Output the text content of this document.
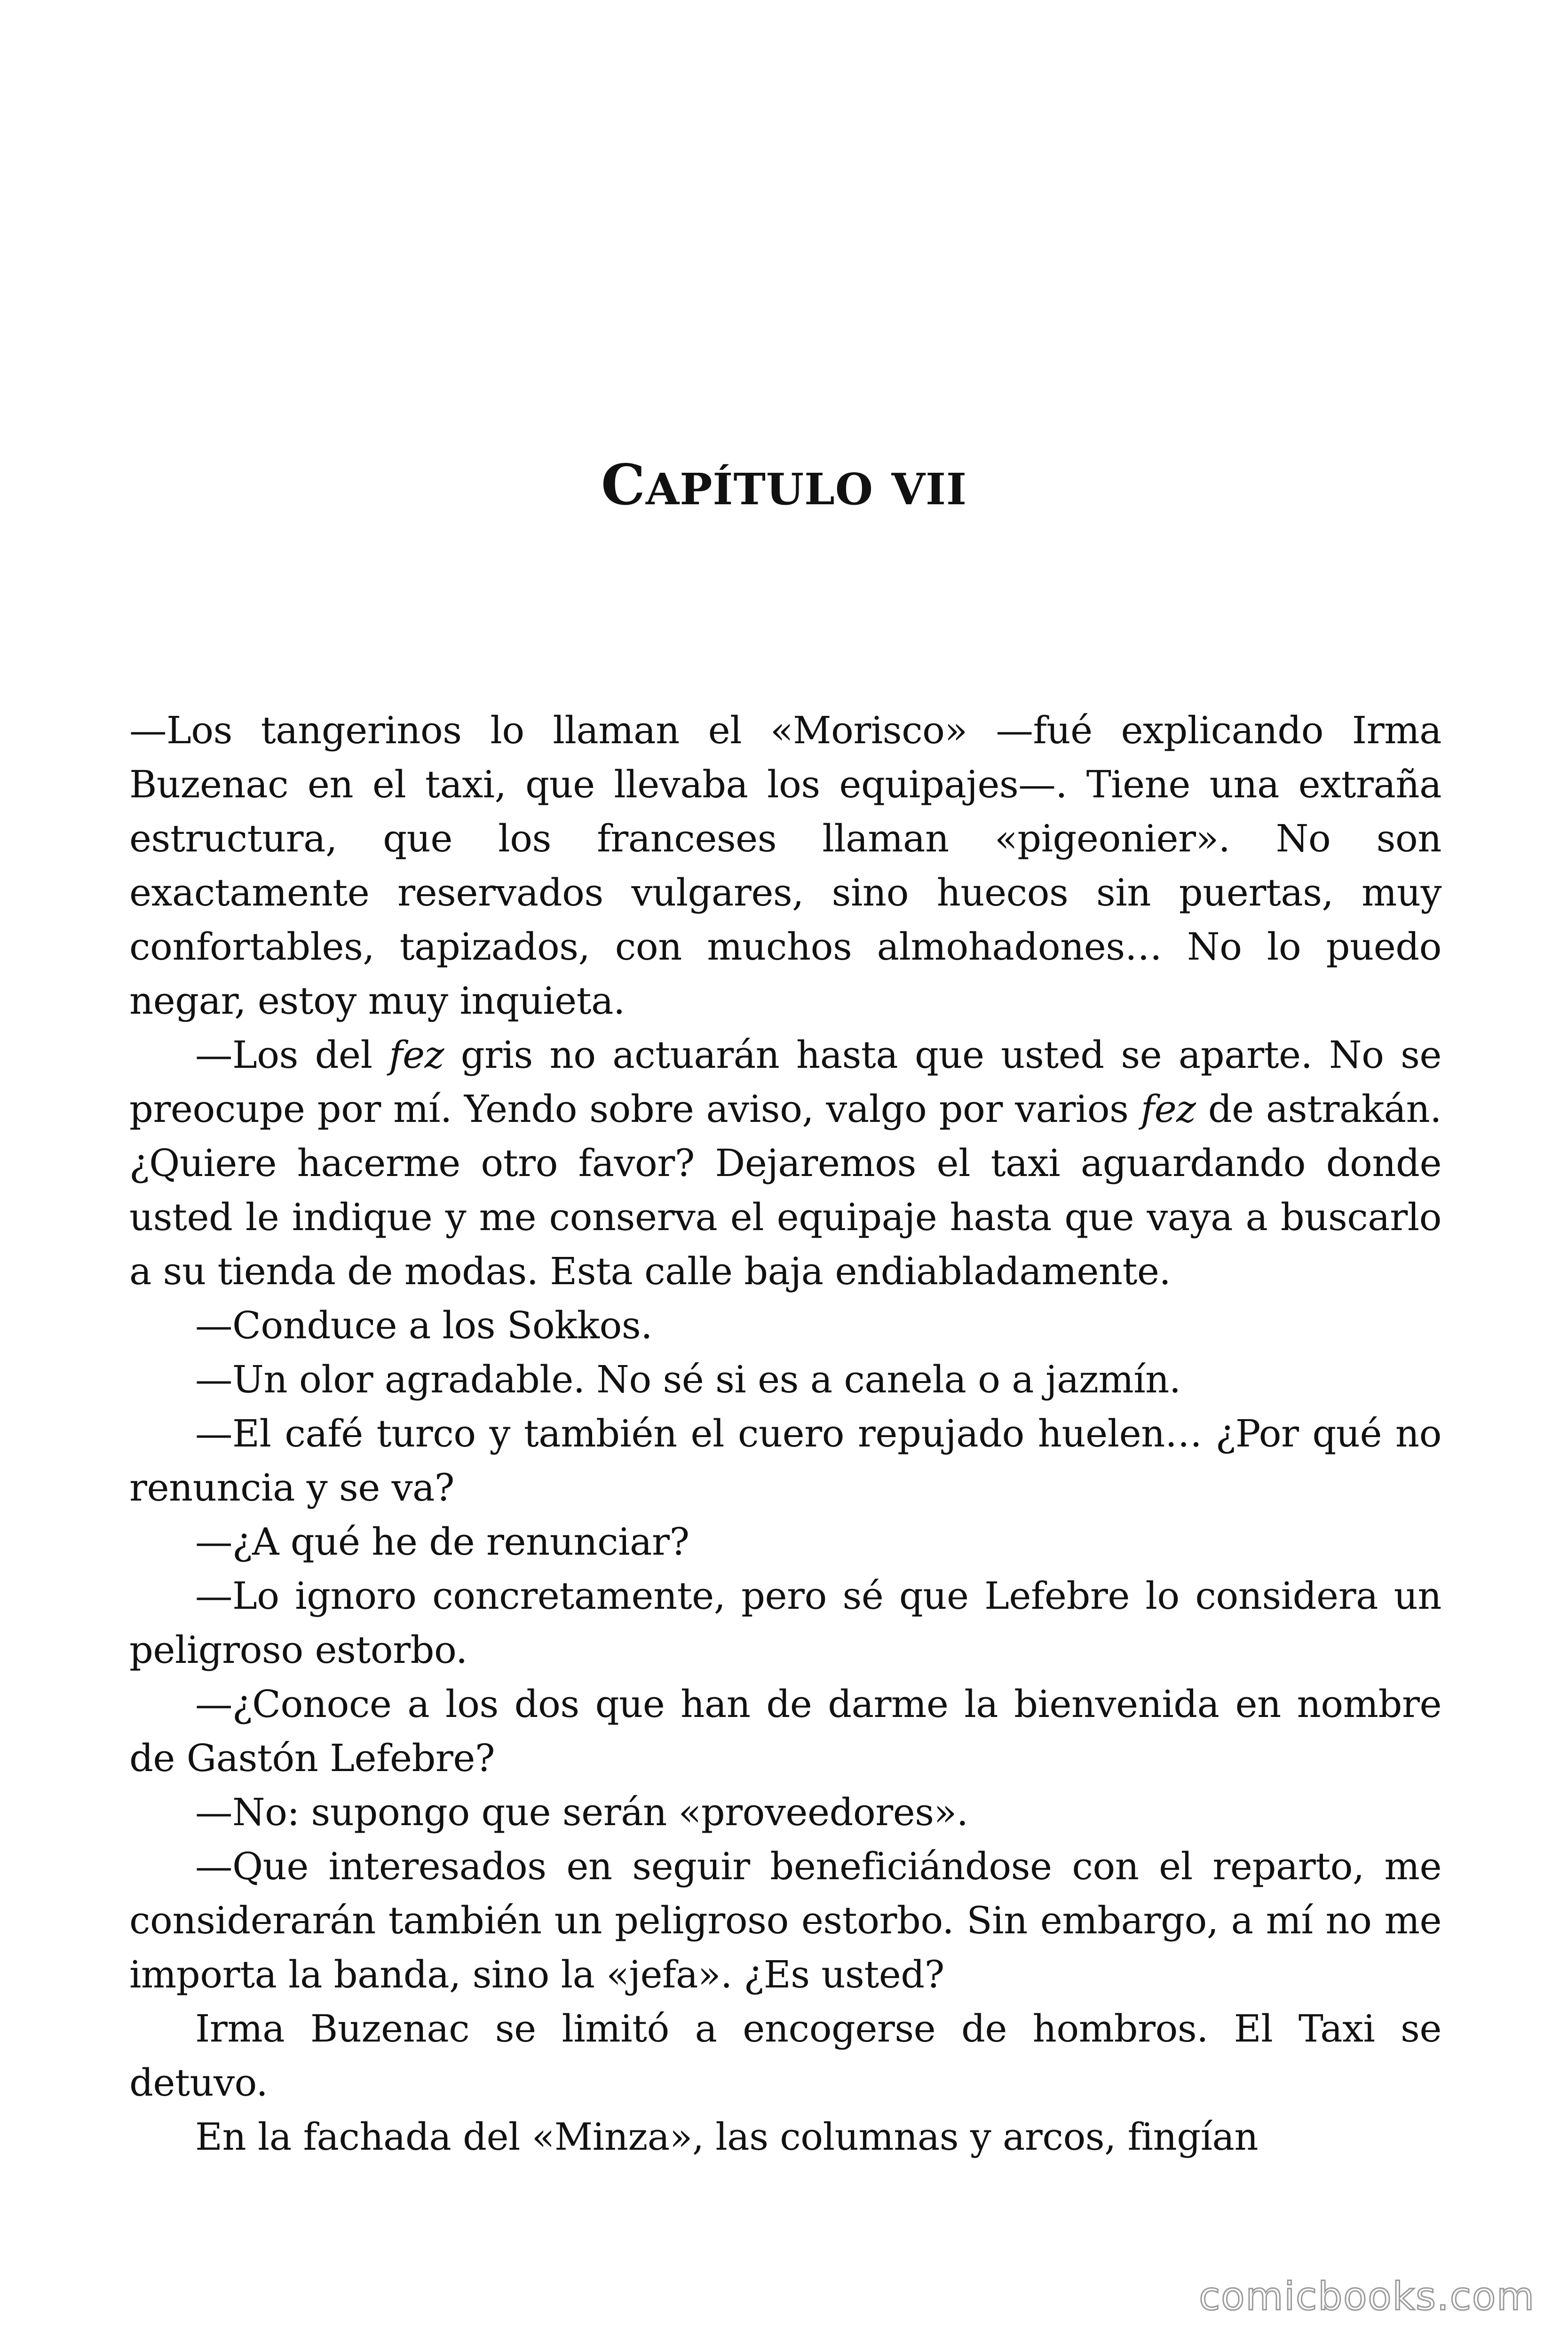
CAPÍTULO VII

—Los tangerinos lo llaman el «Morisco» —fué explicando Irma Buzenac en el taxi, que llevaba los equipajes—. Tiene una extraña estructura, que los franceses llaman «pigeonier». No son exactamente reservados vulgares, sino huecos sin puertas, muy confortables, tapizados, con muchos almohadones… No lo puedo negar, estoy muy inquieta.

—Los del fez gris no actuarán hasta que usted se aparte. No se preocupe por mí. Yendo sobre aviso, valgo por varios fez de astrakán. ¿Quiere hacerme otro favor? Dejaremos el taxi aguardando donde usted le indique y me conserva el equipaje hasta que vaya a buscarlo a su tienda de modas. Esta calle baja endiabladamente.

—Conduce a los Sokkos.

—Un olor agradable. No sé si es a canela o a jazmín.

—El café turco y también el cuero repujado huelen… ¿Por qué no renuncia y se va?

—¿A qué he de renunciar?

—Lo ignoro concretamente, pero sé que Lefebre lo considera un peligroso estorbo.

—¿Conoce a los dos que han de darme la bienvenida en nombre de Gastón Lefebre?

—No: supongo que serán «proveedores».

—Que interesados en seguir beneficiándose con el reparto, me considerarán también un peligroso estorbo. Sin embargo, a mí no me importa la banda, sino la «jefa». ¿Es usted?

Irma Buzenac se limitó a encogerse de hombros. El Taxi se detuvo.

En la fachada del «Minza», las columnas y arcos, fingían

comicbooks.com
